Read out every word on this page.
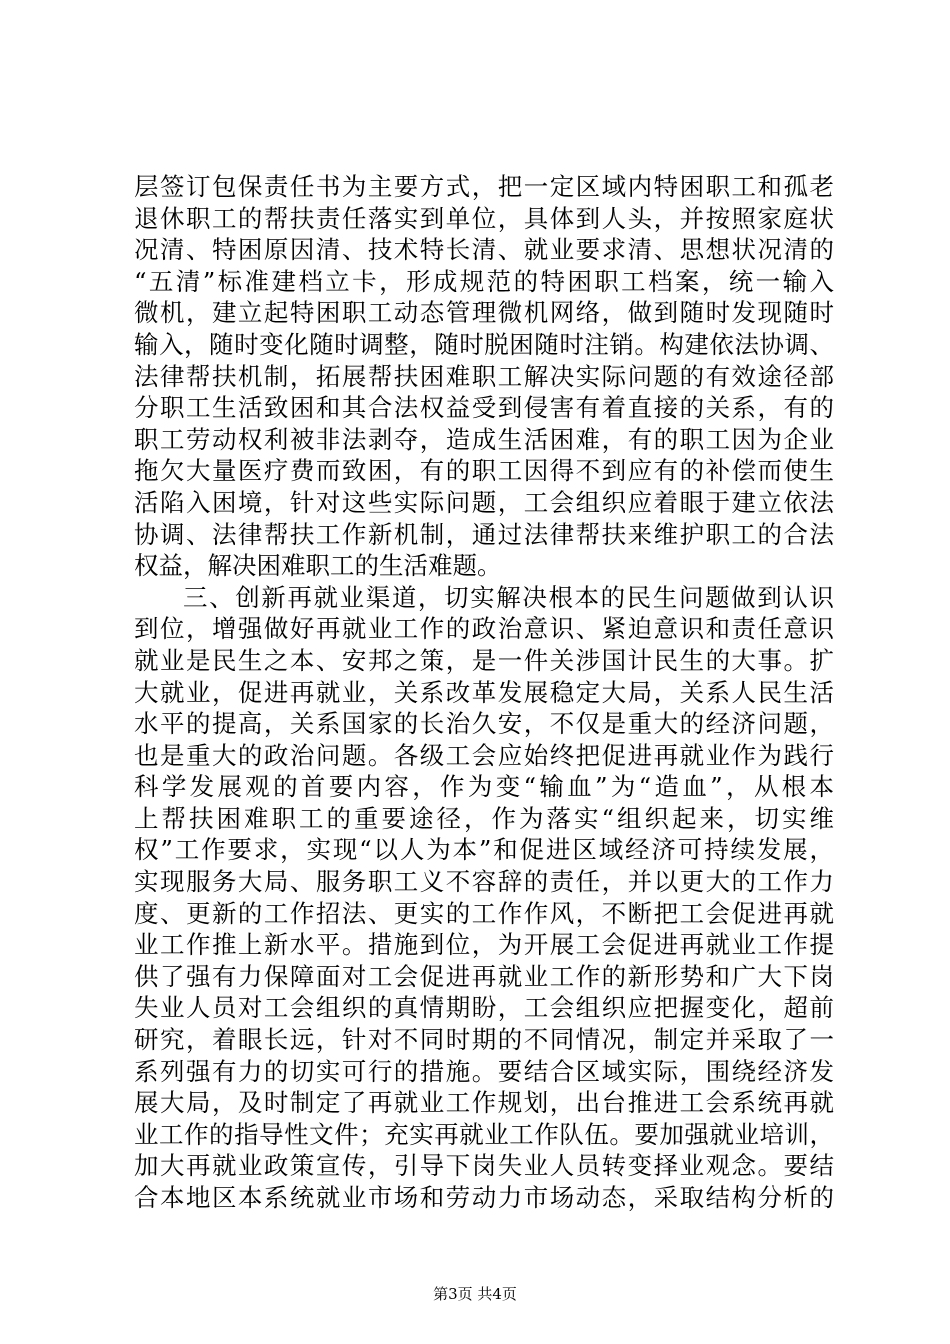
层签订包保责任书为主要方式，把一定区域内特困职工和孤老
退休职工的帮扶责任落实到单位，具体到人头，并按照家庭状
况清、特困原因清、技术特长清、就业要求清、思想状况清的
“五清”标准建档立卡，形成规范的特困职工档案，统一输入
微机，建立起特困职工动态管理微机网络，做到随时发现随时
输入，随时变化随时调整，随时脱困随时注销。构建依法协调、
法律帮扶机制，拓展帮扶困难职工解决实际问题的有效途径部
分职工生活致困和其合法权益受到侵害有着直接的关系，有的
职工劳动权利被非法剥夺，造成生活困难，有的职工因为企业
拖欠大量医疗费而致困，有的职工因得不到应有的补偿而使生
活陷入困境，针对这些实际问题，工会组织应着眼于建立依法
协调、法律帮扶工作新机制，通过法律帮扶来维护职工的合法
权益，解决困难职工的生活难题。
三、创新再就业渠道，切实解决根本的民生问题做到认识
到位，增强做好再就业工作的政治意识、紧迫意识和责任意识
就业是民生之本、安邦之策，是一件关涉国计民生的大事。扩
大就业，促进再就业，关系改革发展稳定大局，关系人民生活
水平的提高，关系国家的长治久安，不仅是重大的经济问题，
也是重大的政治问题。各级工会应始终把促进再就业作为践行
科学发展观的首要内容，作为变“输血”为“造血”，从根本
上帮扶困难职工的重要途径，作为落实“组织起来，切实维
权”工作要求，实现“以人为本”和促进区域经济可持续发展，
实现服务大局、服务职工义不容辞的责任，并以更大的工作力
度、更新的工作招法、更实的工作作风，不断把工会促进再就
业工作推上新水平。措施到位，为开展工会促进再就业工作提
供了强有力保障面对工会促进再就业工作的新形势和广大下岗
失业人员对工会组织的真情期盼，工会组织应把握变化，超前
研究，着眼长远，针对不同时期的不同情况，制定并采取了一
系列强有力的切实可行的措施。要结合区域实际，围绕经济发
展大局，及时制定了再就业工作规划，出台推进工会系统再就
业工作的指导性文件；充实再就业工作队伍。要加强就业培训，
加大再就业政策宣传，引导下岗失业人员转变择业观念。要结
合本地区本系统就业市场和劳动力市场动态，采取结构分析的
第3页 共4页
